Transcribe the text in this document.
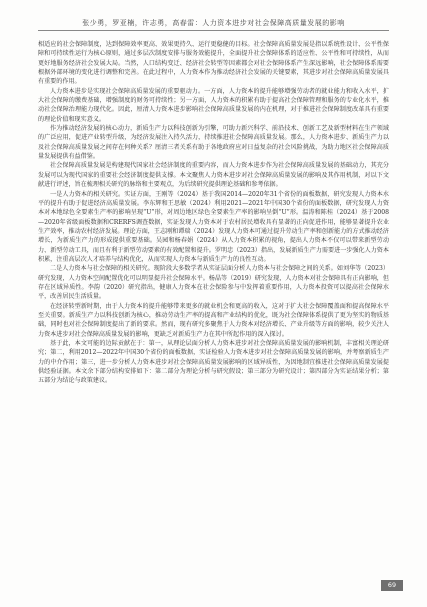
张少勇，罗亚楠，许志勇，高春雷：人力资本进步对社会保障高质量发展的影响

相适应的社会保障制度，达到保障效率更高、效果更持久、运行更稳健的目标。社会保障高质量发展是指以系统性设计、公平性保障和可持续性运行为核心原则，通过多层次制度安排与服务效能提升，全面提升社会保障体系的适应性、公平性和可持续性，从而更好地服务经济社会发展大局。当然，人口结构变迁、经济社会转型等因素都会对社会保障体系产生深远影响，社会保障体系需要根据外部环境的变化进行调整和完善。在此过程中，人力资本作为推动经济社会发展的关键要素，其进步对社会保障高质量发展具有重要的作用。

人力资本进步是实现社会保障高质量发展的重要驱动力。一方面，人力资本的提升能够增强劳动者的就业能力和收入水平，扩大社会保障的缴费基础，增强制度的财务可持续性；另一方面，人力资本的积累有助于提高社会保障管理和服务的专业化水平，推动社会保障治理能力现代化。因此，厘清人力资本进步影响社会保障高质量发展的内在机理，对于推进社会保障制度改革具有重要的理论价值和现实意义。

作为推动经济发展的核心动力，新质生产力以科技创新为引擎，可助力新兴科学、前沿技术、创新工艺及新型材料在生产领域的广泛应用，促进产业转型升级，为经济发展注入持久活力，持续推进社会保障高质量发展。那么，人力资本进步、新质生产力以及社会保障高质量发展之间存在何种关系？厘清三者关系有助于各地政府应对日益复杂的社会风险挑战，为助力地区社会保障高质量发展提供有益借鉴。

社会保障高质量发展是构建现代国家社会经济制度的重要内容，而人力资本进步作为社会保障高质量发展的基础动力，其充分发展可以为现代国家的重要社会经济制度提供支撑。本文聚焦人力资本进步对社会保障高质量发展的影响及其作用机制，对以下文献进行评述，旨在梳理相关研究的脉络和主要观点，为后续研究提供理论基础和参考依据。

一是人力资本的相关研究。实证方面，王刚等（2024）基于我国2014—2020年31个省份的面板数据，研究发现人力资本水平的提升有助于促进经济高质量发展。李东辉和王思敏（2024）利用2021—2021年中国30个省份的面板数据，研究发现人力资本对本地绿色全要素生产率的影响呈现“U”形，对周边地区绿色全要素生产率的影响呈倒“U”形。温涛和陈桂（2024）基于2008—2020年省级面板数据和CRERFS调查数据，实证发现人力资本对于农村居民增收具有显著的正向促进作用，能够显著提升农业生产效率，推动农村经济发展。理论方面，王志刚和谭瑞（2024）发现人力资本可通过提升劳动生产率和创新能力的方式推动经济增长，为新质生产力的形成提供重要基础。吴园和杨春娟（2024）从人力资本积累的视角，提出人力资本不仅可以带来新型劳动力、新型劳动工具，而且有利于新型劳动要素的有效配置和提升。罗明忠（2023）指出，发展新质生产力需要进一步强化人力资本积累，注重高层次人才培养与结构优化，从而实现人力资本与新质生产力的良性互动。

二是人力资本与社会保障的相关研究。现阶段大多数学者从实证层面分析人力资本与社会保障之间的关系。如刘华等（2023）研究发现，人力资本空间配置优化可以明显提升社会保障水平。杨晶等（2019）研究发现，人力资本对社会保障具有正向影响，但存在区域异质性。李韵（2020）研究指出，健康人力资本在社会保险参与中发挥着重要作用，人力资本投资可以提高社会保障水平，改善居民生活质量。

在经济转型新时期，由于人力资本的提升能够带来更多的就业机会和更高的收入，这对于扩大社会保障覆盖面和提高保障水平至关重要。新质生产力以科技创新为核心，推动劳动生产率的提高和产业结构的优化，既为社会保障体系提供了更为坚实的物质基础，同时也对社会保障制度提出了新的要求。然而，现有研究多聚焦于人力资本对经济增长、产业升级等方面的影响，较少关注人力资本进步对社会保障高质量发展的影响，更缺乏对新质生产力在其中所起作用的深入探讨。

基于此，本文可能的边际贡献在于：第一，从理论层面分析人力资本进步对社会保障高质量发展的影响机制，丰富相关理论研究；第二，利用2012—2022年中国30个省份的面板数据，实证检验人力资本进步对社会保障高质量发展的影响，并考察新质生产力的中介作用；第三，进一步分析人力资本进步对社会保障高质量发展影响的区域异质性，为因地制宜推进社会保障高质量发展提供经验证据。本文余下部分结构安排如下：第二部分为理论分析与研究假设；第三部分为研究设计；第四部分为实证结果分析；第五部分为结论与政策建议。

69
